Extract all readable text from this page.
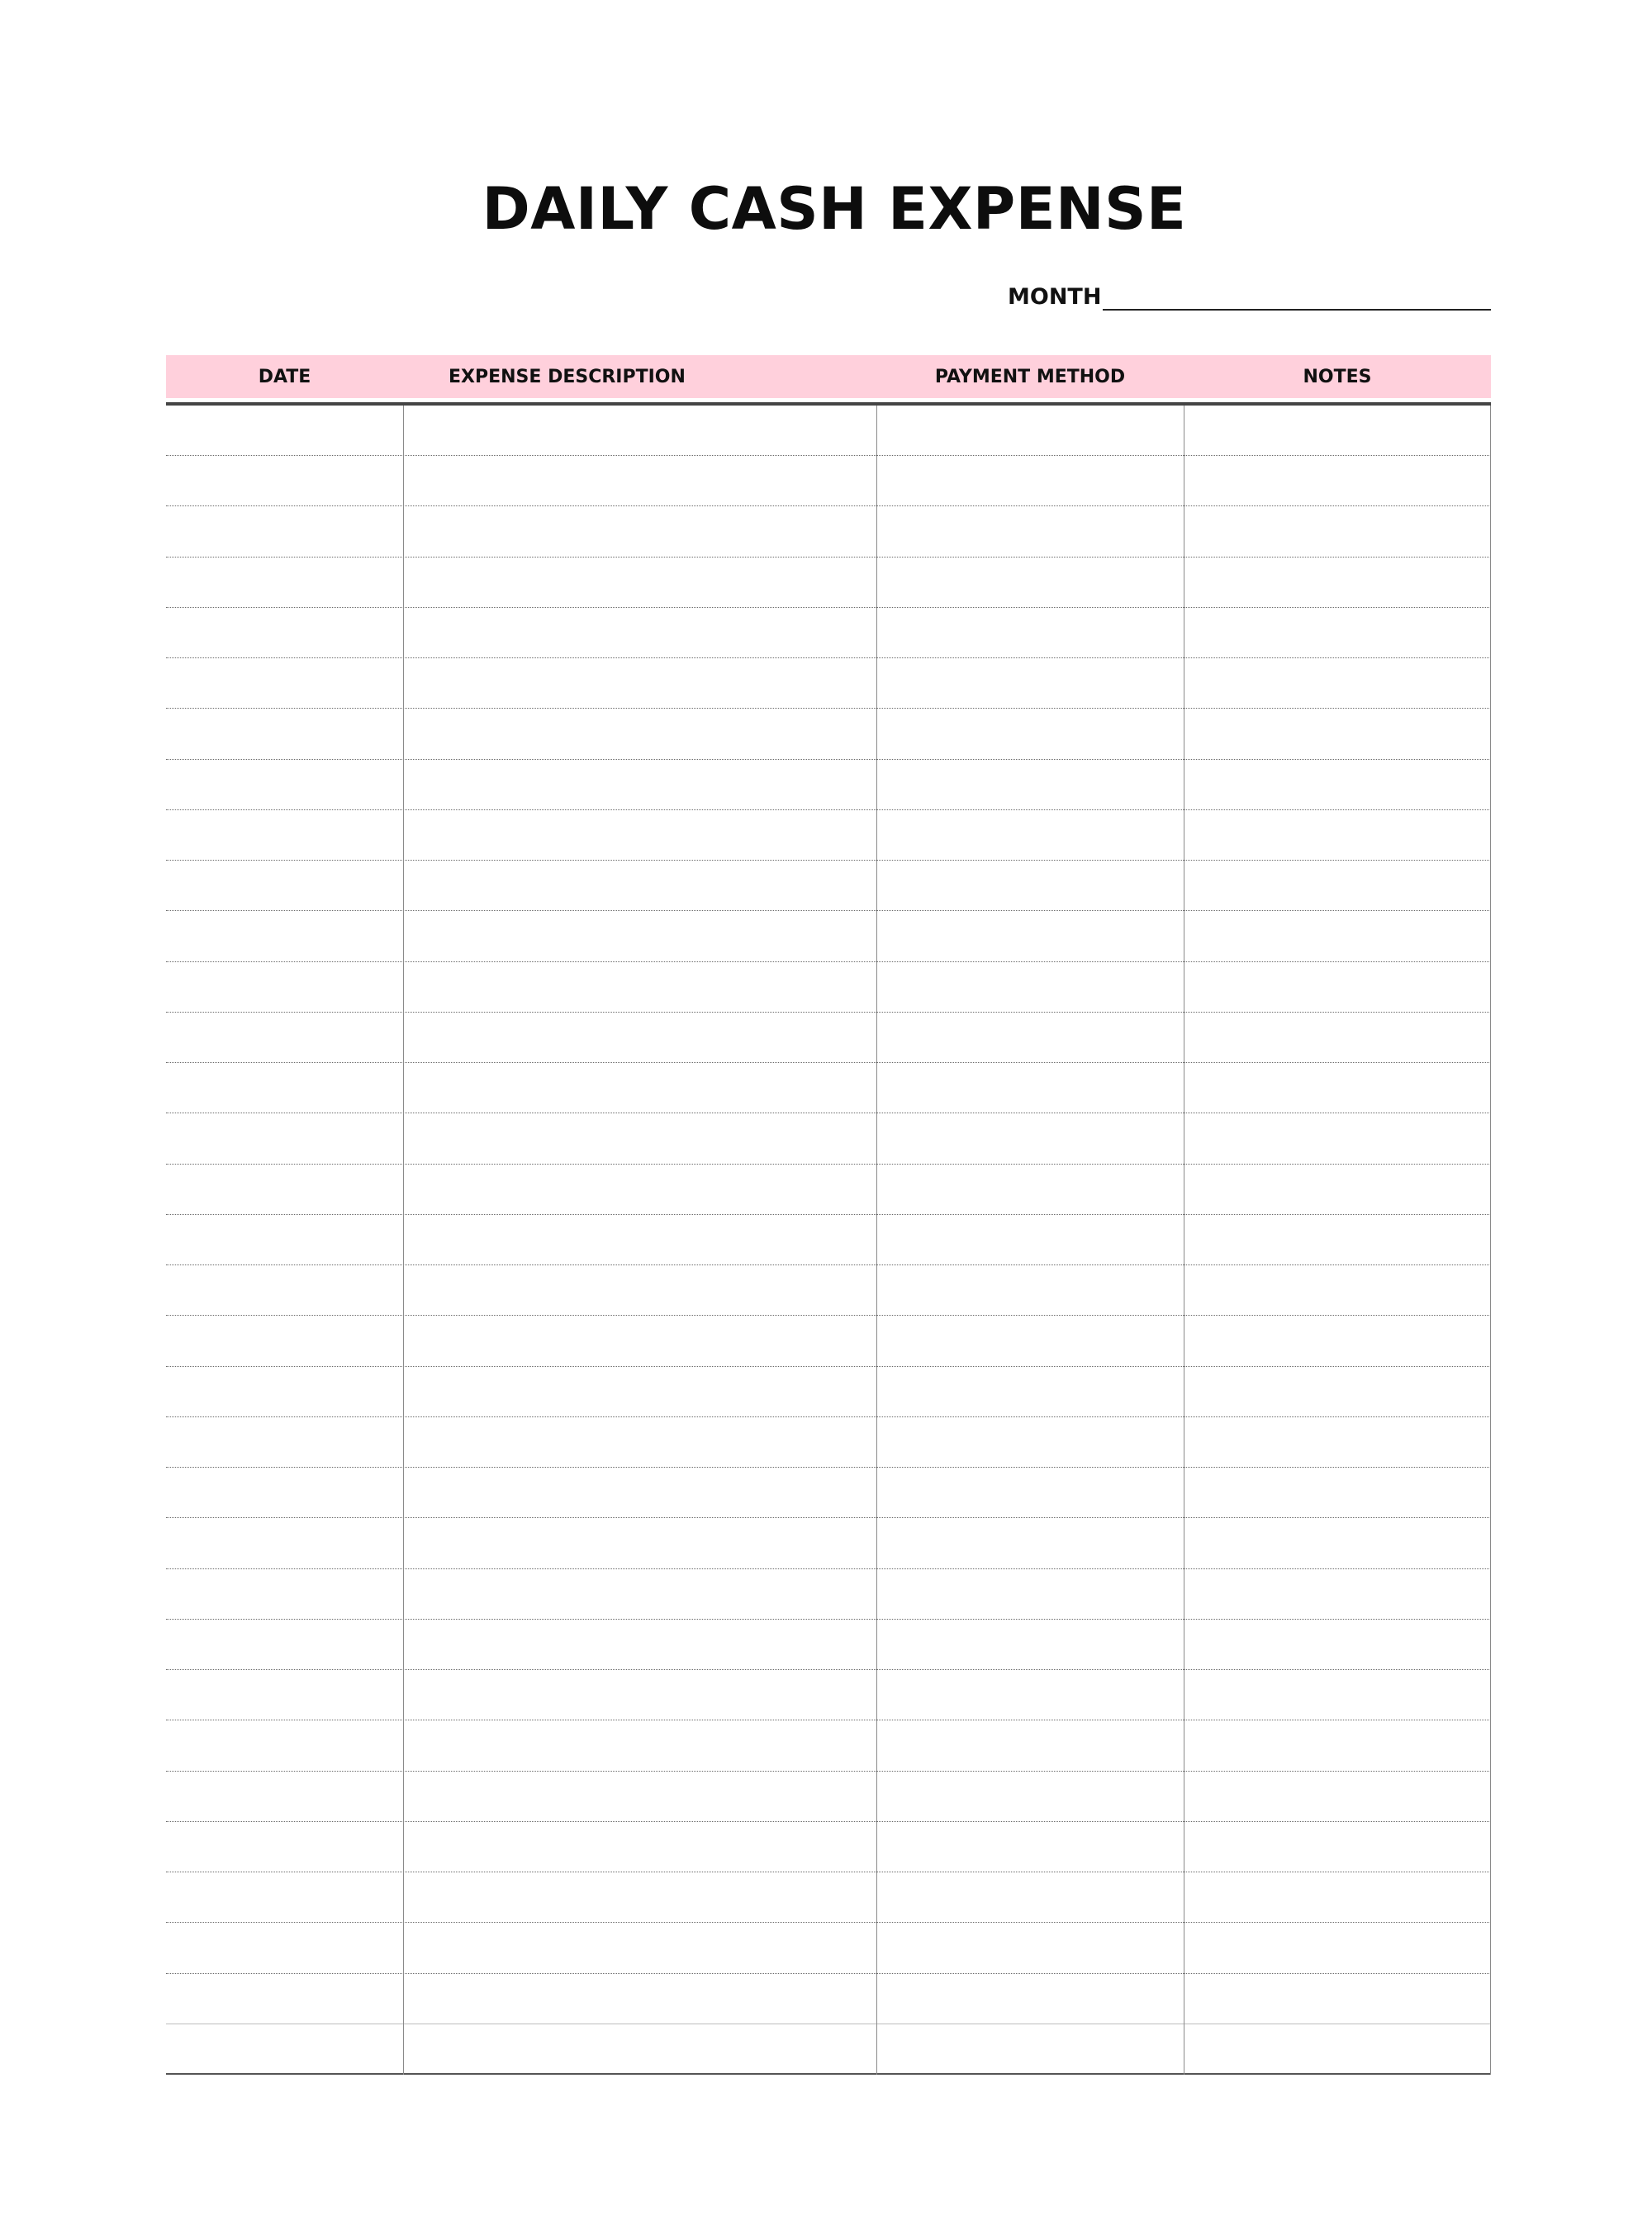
DAILY CASH EXPENSE
MONTH
DATE	EXPENSE DESCRIPTION	PAYMENT METHOD	NOTES
